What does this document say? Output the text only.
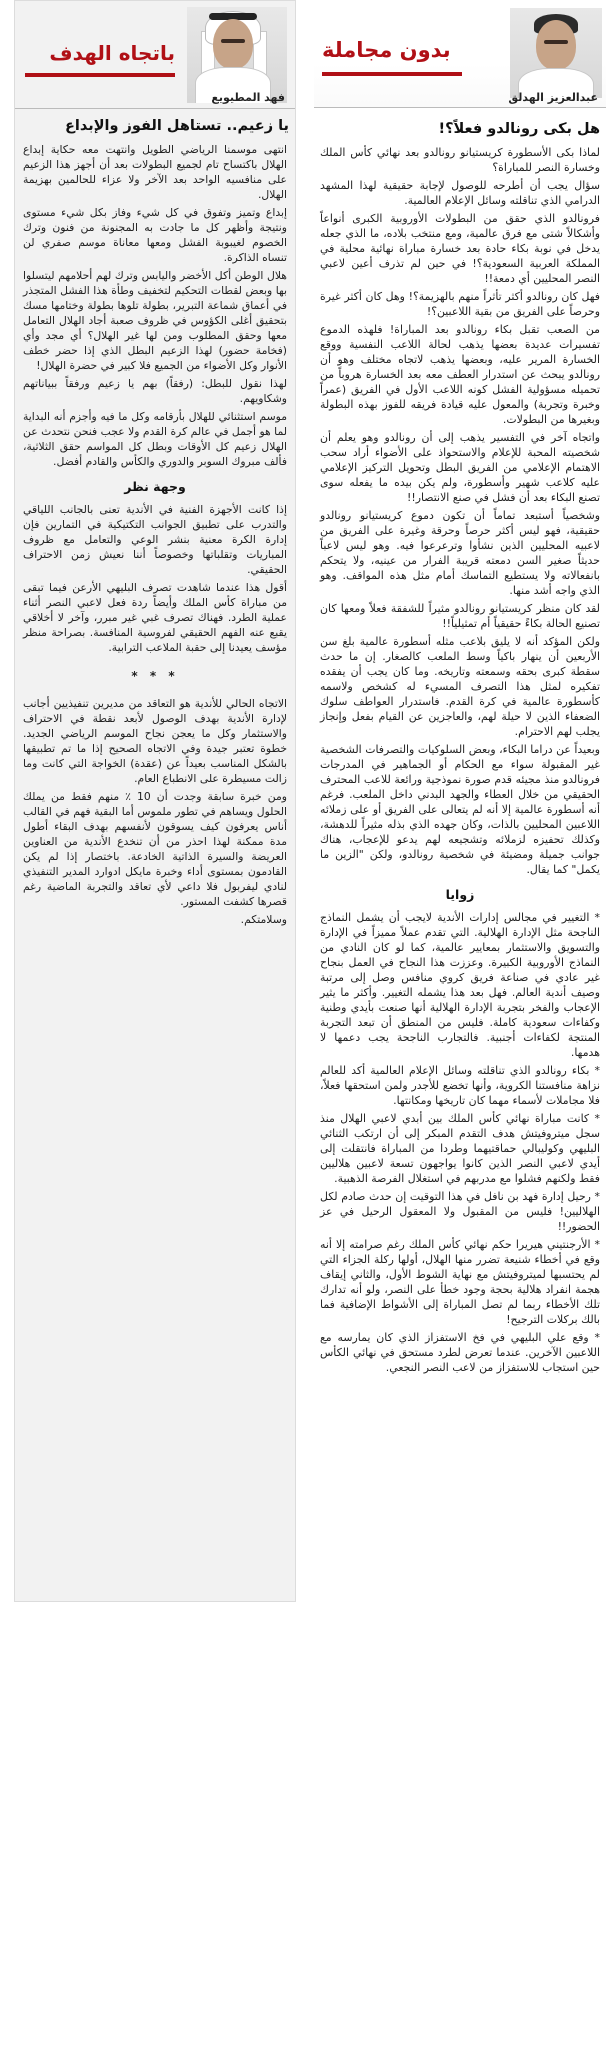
بدون مجاملة
عبدالعزيز الهدلق
هل بكى رونالدو فعلاً؟!

لماذا بكى الأسطورة كريستيانو رونالدو بعد نهائي كأس الملك وخسارة النصر للمباراة؟

سؤال يجب أن أطرحه للوصول لإجابة حقيقية لهذا المشهد الدرامي الذي تناقلته وسائل الإعلام العالمية.

فرونالدو الذي حقق من البطولات الأوروبية الكبرى أنواعاً وأشكالاً شتى مع فرق عالمية، ومع منتخب بلاده، ما الذي جعله يدخل في نوبة بكاء حادة بعد خسارة مباراة نهائية محلية في المملكة العربية السعودية؟! في حين لم تذرف أعين لاعبي النصر المحليين أي دمعة!!

فهل كان رونالدو أكثر تأثراً منهم بالهزيمة؟! وهل كان أكثر غيرة وحرصاً على الفريق من بقية اللاعبين؟!

من الصعب تقبل بكاء رونالدو بعد المباراة! فلهذه الدموع تفسيرات عديدة بعضها يذهب لحالة اللاعب النفسية ووقع الخسارة المرير عليه، وبعضها يذهب لاتجاه مختلف وهو أن رونالدو يبحث عن استدرار العطف معه بعد الخسارة هروباً من تحميله مسؤولية الفشل كونه اللاعب الأول في الفريق (عمراً وخبرة وتجربة) والمعول عليه قيادة فريقه للفوز بهذه البطولة وبغيرها من البطولات.

واتجاه آخر في التفسير يذهب إلى أن رونالدو وهو يعلم أن شخصيته المحبة للإعلام والاستحواذ على الأضواء أراد سحب الاهتمام الإعلامي من الفريق البطل وتحويل التركيز الإعلامي عليه كلاعب شهير وأسطورة، ولم يكن بيده ما يفعله سوى تصنع البكاء بعد أن فشل في صنع الانتصار!!

وشخصياً أستبعد تماماً أن تكون دموع كريستيانو رونالدو حقيقية، فهو ليس أكثر حرصاً وحرقة وغيرة على الفريق من لاعبيه المحليين الذين نشأوا وترعرعوا فيه. وهو ليس لاعباً حديثاً صغير السن دمعته قريبة الفرار من عينيه، ولا يتحكم بانفعالاته ولا يستطيع التماسك أمام مثل هذه المواقف. وهو الذي واجه أشد منها.

لقد كان منظر كريستيانو رونالدو مثيراً للشفقة فعلاً ومعها كان تصنيع الحالة بكاءً حقيقياً أم تمثيلياً!!

ولكن المؤكد أنه لا يليق بلاعب مثله أسطورة عالمية بلغ سن الأربعين أن ينهار باكياً وسط الملعب كالصغار. إن ما حدث سقطة كبرى بحقه وسمعته وتاريخه. وما كان يجب أن يفقده تفكيره لمثل هذا التصرف المسيء له كشخص ولاسمه كأسطورة عالمية في كرة القدم. فاستدرار العواطف سلوك الضعفاء الذين لا حيلة لهم، والعاجزين عن القيام بفعل وإنجاز يجلب لهم الاحترام.

وبعيداً عن دراما البكاء، وبعض السلوكيات والتصرفات الشخصية غير المقبولة سواء مع الحكام أو الجماهير في المدرجات فرونالدو منذ مجيئه قدم صورة نموذجية ورائعة للاعب المحترف الحقيقي من خلال العطاء والجهد البدني داخل الملعب. فرغم أنه أسطورة عالمية إلا أنه لم يتعالى على الفريق أو على زملائه اللاعبين المحليين بالذات، وكان جهده الذي بذله مثيراً للدهشة، وكذلك تحفيزه لزملائه وتشجيعه لهم يدعو للإعجاب، هناك جوانب جميلة ومضيئة في شخصية رونالدو، ولكن "الزين ما يكمل" كما يقال.

زوايا

* التغيير في مجالس إدارات الأندية لايجب أن يشمل النماذج الناجحة مثل الإدارة الهلالية. التي تقدم عملاً مميزاً في الإدارة والتسويق والاستثمار بمعايير عالمية، كما لو كان النادي من النماذج الأوروبية الكبيرة. وعززت هذا النجاح في العمل بنجاح غير عادي في صناعة فريق كروي منافس وصل إلى مرتبة وصيف أندية العالم. فهل بعد هذا يشمله التغيير. وأكثر ما يثير الإعجاب والفخر بتجربة الإدارة الهلالية أنها صنعت بأيدي وطنية وكفاءات سعودية كاملة. فليس من المنطق أن تبعد التجربة المنتجة لكفاءات أجنبية. فالتجارب الناجحة يجب دعمها لا هدمها.

* بكاء رونالدو الذي تناقلته وسائل الإعلام العالمية أكد للعالم نزاهة منافستنا الكروية، وأنها تخضع للأجدر ولمن استحقها فعلاً، فلا مجاملات لأسماء مهما كان تاريخها ومكانتها.

* كانت مباراة نهائي كأس الملك بين أبدي لاعبي الهلال منذ سجل ميتروفيتش هدف التقدم المبكر إلى أن ارتكب الثنائي البليهي وكوليبالي حماقتيهما وطردا من المباراة فانتقلت إلى أيدي لاعبي النصر الذين كانوا يواجهون تسعة لاعبين هلاليين فقط ولكنهم فشلوا مع مدربهم في استغلال الفرصة الذهبية.

* رحيل إدارة فهد بن نافل في هذا التوقيت إن حدث صادم لكل الهلاليين! فليس من المقبول ولا المعقول الرحيل في عز الحضور!!

* الأرجنتيني هيريرا حكم نهائي كأس الملك رغم صرامته إلا أنه وقع في أخطاء شنيعة تضرر منها الهلال، أولها ركلة الجزاء التي لم يحتسبها لميتروفيتش مع نهاية الشوط الأول، والثاني إيقاف هجمة انفراد هلالية بحجة وجود خطأ على النصر، ولو أنه تدارك تلك الأخطاء ربما لم تصل المباراة إلى الأشواط الإضافية فما بالك بركلات الترجيح!

* وقع علي البليهي في فخ الاستفزاز الذي كان يمارسه مع اللاعبين الآخرين. عندما تعرض لطرد مستحق في نهائي الكأس حين استجاب للاستفزاز من لاعب النصر النجعي.

باتجاه الهدف
فهد المطيويع
يا زعيم.. تستاهل الفوز والإبداع

انتهى موسمنا الرياضي الطويل وانتهت معه حكاية إبداع الهلال باكتساح تام لجميع البطولات بعد أن أجهز هذا الزعيم على منافسيه الواحد بعد الآخر ولا عزاء للحالمين بهزيمة الهلال.

إبداع وتميز وتفوق في كل شيء وفاز بكل شيء مستوى ونتيجة وأظهر كل ما جادت به المجنونة من فنون وترك الخصوم لغيبوبة الفشل ومعها معاناة موسم صفري لن تنساه الذاكرة.

هلال الوطن أكل الأخضر واليابس وترك لهم أحلامهم ليتسلوا بها وبعض لقطات التحكيم لتخفيف وطأة هذا الفشل المتجذر في أعماق شماعة التبرير، بطولة تلوها بطولة وختامها مسك بتحقيق أغلى الكؤوس في ظروف صعبة أجاد الهلال التعامل معها وحقق المطلوب ومن لها غير الهلال؟ أي مجد وأي (فخامة حضور) لهذا الزعيم البطل الذي إذا حضر خطف الأنوار وكل الأضواء من الجميع فلا كبير في حضرة الهلال!

لهذا نقول للبطل: (رفقاً) بهم يا زعيم ورفقاً ببياناتهم وشكاويهم.

موسم استثنائي للهلال بأرقامه وكل ما فيه وأجزم أنه البداية لما هو أجمل في عالم كرة القدم ولا عجب فنحن نتحدث عن الهلال زعيم كل الأوقات وبطل كل المواسم حقق الثلاثية، فألف مبروك السوبر والدوري والكأس والقادم أفضل.

وجهة نظر

إذا كانت الأجهزة الفنية في الأندية تعنى بالجانب اللياقي والتدرب على تطبيق الجوانب التكتيكية في التمارين فإن إدارة الكرة معنية بنشر الوعي والتعامل مع ظروف المباريات وتقلباتها وخصوصاً أننا نعيش زمن الاحتراف الحقيقي.

أقول هذا عندما شاهدت تصرف البليهي الأرعن فيما تبقى من مباراة كأس الملك وأيضاً ردة فعل لاعبي النصر أثناء عملية الطرد. فهناك تصرف غبي غير مبرر، وآخر لا أخلاقي يقبع عنه الفهم الحقيقي لفروسية المنافسة. بصراحة منظر مؤسف يعيدنا إلى حقبة الملاعب الترابية.

* * *

الاتجاه الحالي للأندية هو التعاقد من مديرين تنفيذيين أجانب لإدارة الأندية بهدف الوصول لأبعد نقطة في الاحتراف والاستثمار وكل ما يعجن نجاح الموسم الرياضي الجديد. خطوة تعتبر جيدة وفي الاتجاه الصحيح إذا ما تم تطبيقها بالشكل المناسب بعيداً عن (عقدة) الخواجة التي كانت وما زالت مسيطرة على الانطباع العام.

ومن خبرة سابقة وجدت أن 10 ٪ منهم فقط من يملك الحلول ويساهم في تطور ملموس أما البقية فهم في القالب أناس يعرفون كيف يسوقون لأنفسهم بهدف البقاء أطول مدة ممكنة لهذا احذر من أن تنخدع الأندية من العناوين العريضة والسيرة الذاتية الخادعة. باختصار إذا لم يكن القادمون بمستوى أداء وخبرة مايكل ادوارد المدير التنفيذي لنادي ليفربول فلا داعي لأي تعاقد والتجربة الماضية رغم قصرها كشفت المستور.

وسلامتكم.
